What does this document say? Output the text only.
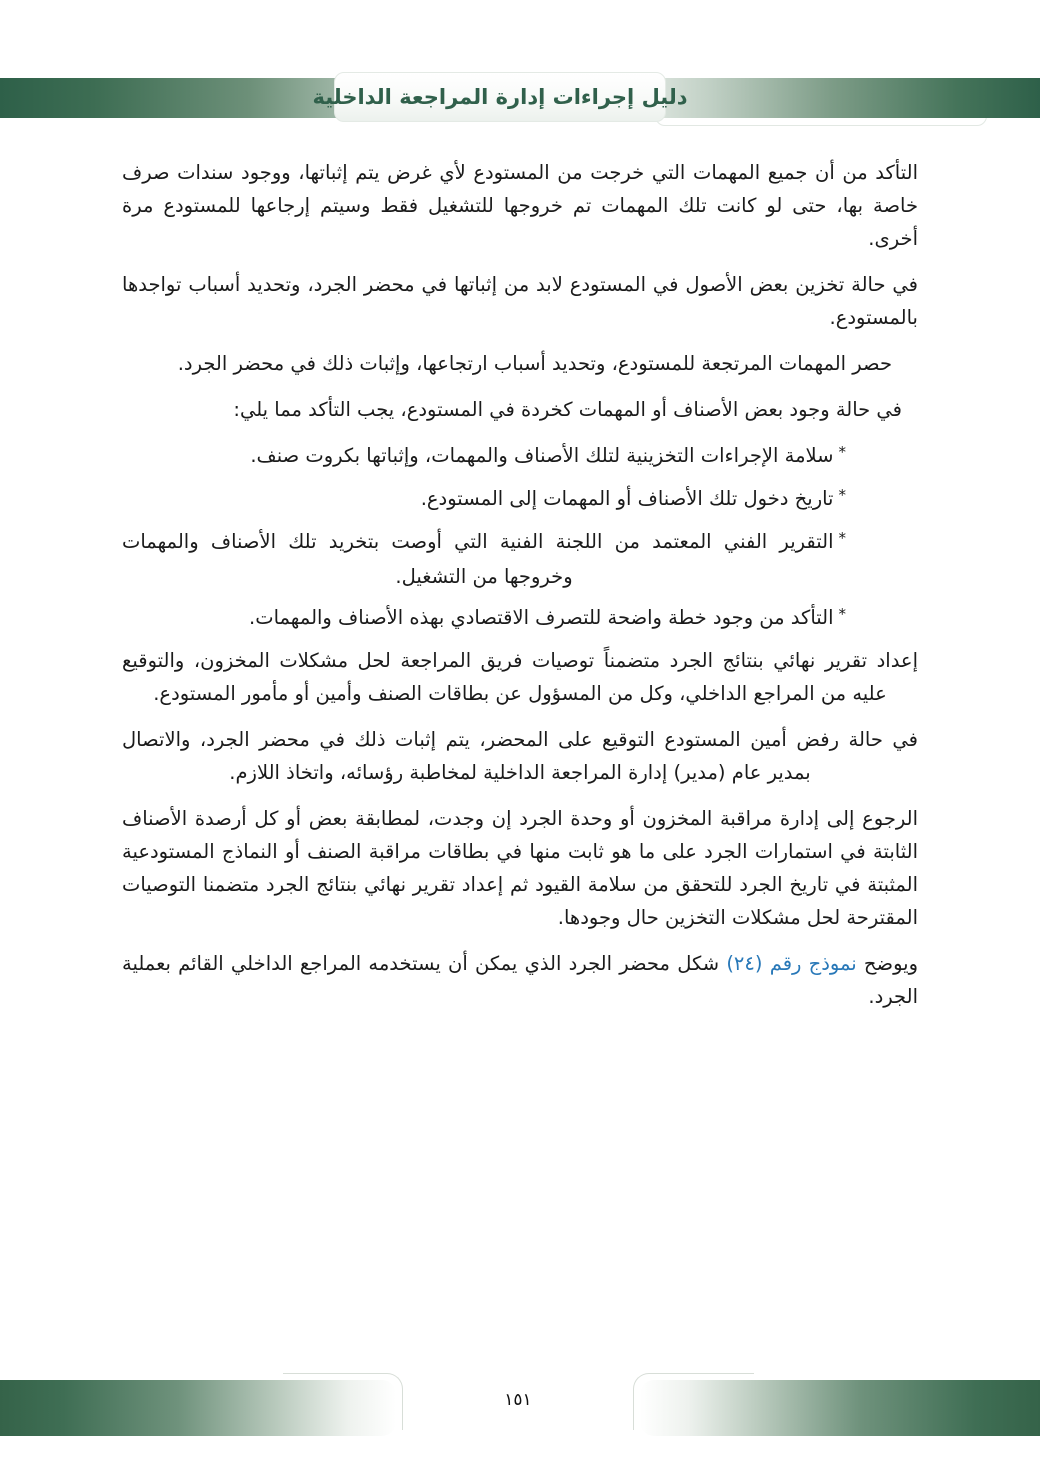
دليل إجراءات إدارة المراجعة الداخلية

التأكد من أن جميع المهمات التي خرجت من المستودع لأي غرض يتم إثباتها، ووجود سندات صرف خاصة بها، حتى لو كانت تلك المهمات تم خروجها للتشغيل فقط وسيتم إرجاعها للمستودع مرة أخرى.

في حالة تخزين بعض الأصول في المستودع لابد من إثباتها في محضر الجرد، وتحديد أسباب تواجدها بالمستودع.

حصر المهمات المرتجعة للمستودع، وتحديد أسباب ارتجاعها، وإثبات ذلك في محضر الجرد.

في حالة وجود بعض الأصناف أو المهمات كخردة في المستودع، يجب التأكد مما يلي:

*سلامة الإجراءات التخزينية لتلك الأصناف والمهمات، وإثباتها بكروت صنف.

*تاريخ دخول تلك الأصناف أو المهمات إلى المستودع.

*التقرير الفني المعتمد من اللجنة الفنية التي أوصت بتخريد تلك الأصناف والمهمات وخروجها من التشغيل.

*التأكد من وجود خطة واضحة للتصرف الاقتصادي بهذه الأصناف والمهمات.

إعداد تقرير نهائي بنتائج الجرد متضمناً توصيات فريق المراجعة لحل مشكلات المخزون، والتوقيع عليه من المراجع الداخلي، وكل من المسؤول عن بطاقات الصنف وأمين أو مأمور المستودع.

في حالة رفض أمين المستودع التوقيع على المحضر، يتم إثبات ذلك في محضر الجرد، والاتصال بمدير عام (مدير) إدارة المراجعة الداخلية لمخاطبة رؤسائه، واتخاذ اللازم.

الرجوع إلى إدارة مراقبة المخزون أو وحدة الجرد إن وجدت، لمطابقة بعض أو كل أرصدة الأصناف الثابتة في استمارات الجرد على ما هو ثابت منها في بطاقات مراقبة الصنف أو النماذج المستودعية المثبتة في تاريخ الجرد للتحقق من سلامة القيود ثم إعداد تقرير نهائي بنتائج الجرد متضمنا التوصيات المقترحة لحل مشكلات التخزين حال وجودها.

ويوضح نموذج رقم (٢٤) شكل محضر الجرد الذي يمكن أن يستخدمه المراجع الداخلي القائم بعملية الجرد.

١٥١
